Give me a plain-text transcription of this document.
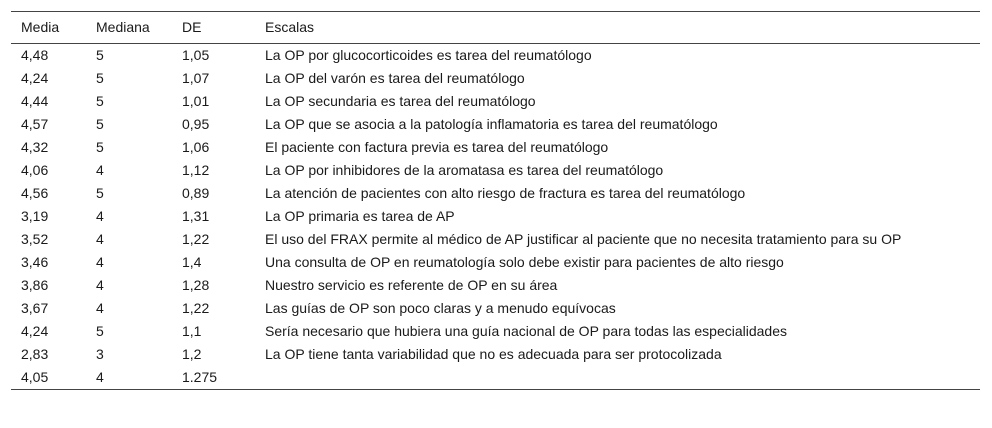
Media	Mediana	DE	Escalas
4,48	5	1,05	La OP por glucocorticoides es tarea del reumatólogo
4,24	5	1,07	La OP del varón es tarea del reumatólogo
4,44	5	1,01	La OP secundaria es tarea del reumatólogo
4,57	5	0,95	La OP que se asocia a la patología inflamatoria es tarea del reumatólogo
4,32	5	1,06	El paciente con factura previa es tarea del reumatólogo
4,06	4	1,12	La OP por inhibidores de la aromatasa es tarea del reumatólogo
4,56	5	0,89	La atención de pacientes con alto riesgo de fractura es tarea del reumatólogo
3,19	4	1,31	La OP primaria es tarea de AP
3,52	4	1,22	El uso del FRAX permite al médico de AP justificar al paciente que no necesita tratamiento para su OP
3,46	4	1,4	Una consulta de OP en reumatología solo debe existir para pacientes de alto riesgo
3,86	4	1,28	Nuestro servicio es referente de OP en su área
3,67	4	1,22	Las guías de OP son poco claras y a menudo equívocas
4,24	5	1,1	Sería necesario que hubiera una guía nacional de OP para todas las especialidades
2,83	3	1,2	La OP tiene tanta variabilidad que no es adecuada para ser protocolizada
4,05	4	1.275	
